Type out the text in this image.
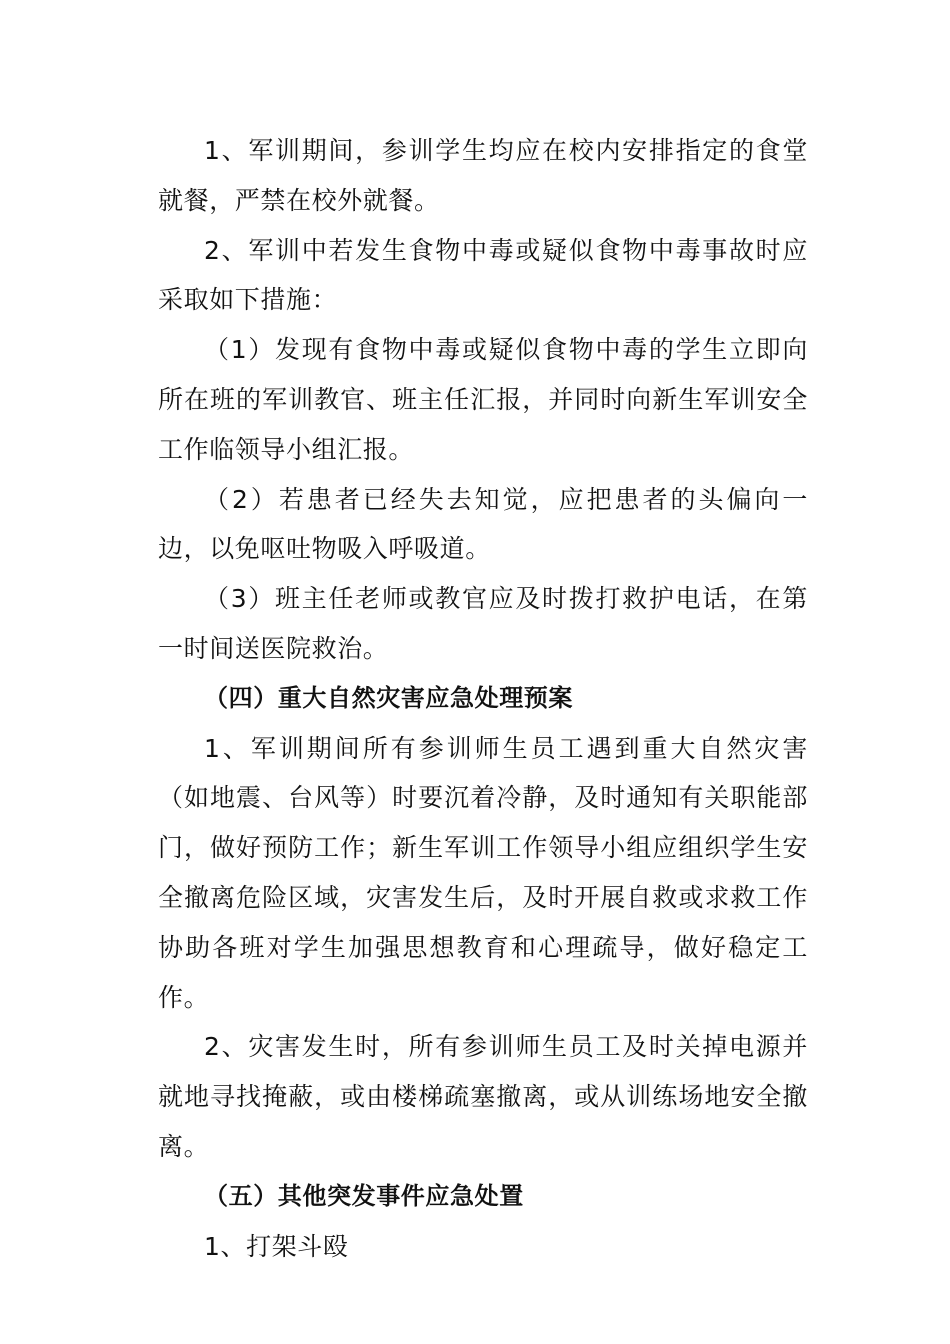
1、军训期间，参训学生均应在校内安排指定的食堂就餐，严禁在校外就餐。

2、军训中若发生食物中毒或疑似食物中毒事故时应采取如下措施：

（1）发现有食物中毒或疑似食物中毒的学生立即向所在班的军训教官、班主任汇报，并同时向新生军训安全工作临领导小组汇报。

（2）若患者已经失去知觉，应把患者的头偏向一边，以免呕吐物吸入呼吸道。

（3）班主任老师或教官应及时拨打救护电话，在第一时间送医院救治。

（四）重大自然灾害应急处理预案

1、军训期间所有参训师生员工遇到重大自然灾害（如地震、台风等）时要沉着冷静，及时通知有关职能部门，做好预防工作；新生军训工作领导小组应组织学生安全撤离危险区域，灾害发生后，及时开展自救或求救工作协助各班对学生加强思想教育和心理疏导，做好稳定工作。

2、灾害发生时，所有参训师生员工及时关掉电源并就地寻找掩蔽，或由楼梯疏塞撤离，或从训练场地安全撤离。

（五）其他突发事件应急处置

1、打架斗殴
